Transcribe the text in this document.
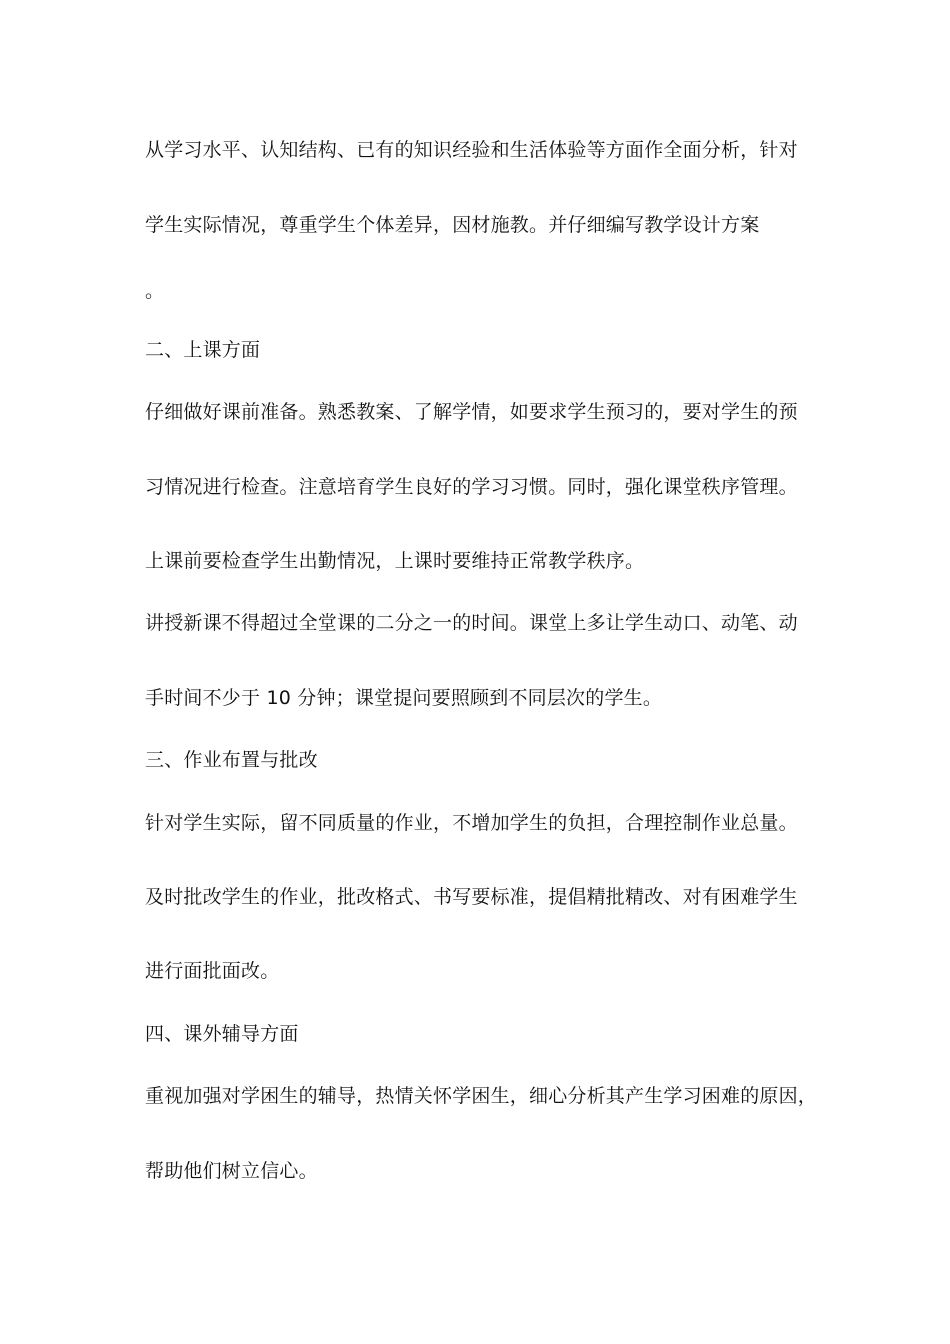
从学习水平、认知结构、已有的知识经验和生活体验等方面作全面分析，针对

学生实际情况，尊重学生个体差异，因材施教。并仔细编写教学设计方案

。

二、上课方面

仔细做好课前准备。熟悉教案、了解学情，如要求学生预习的，要对学生的预

习情况进行检查。注意培育学生良好的学习习惯。同时，强化课堂秩序管理。

上课前要检查学生出勤情况，上课时要维持正常教学秩序。

讲授新课不得超过全堂课的二分之一的时间。课堂上多让学生动口、动笔、动

手时间不少于 10 分钟；课堂提问要照顾到不同层次的学生。

三、作业布置与批改

针对学生实际，留不同质量的作业，不增加学生的负担，合理控制作业总量。

及时批改学生的作业，批改格式、书写要标准，提倡精批精改、对有困难学生

进行面批面改。

四、课外辅导方面

重视加强对学困生的辅导，热情关怀学困生，细心分析其产生学习困难的原因，

帮助他们树立信心。
